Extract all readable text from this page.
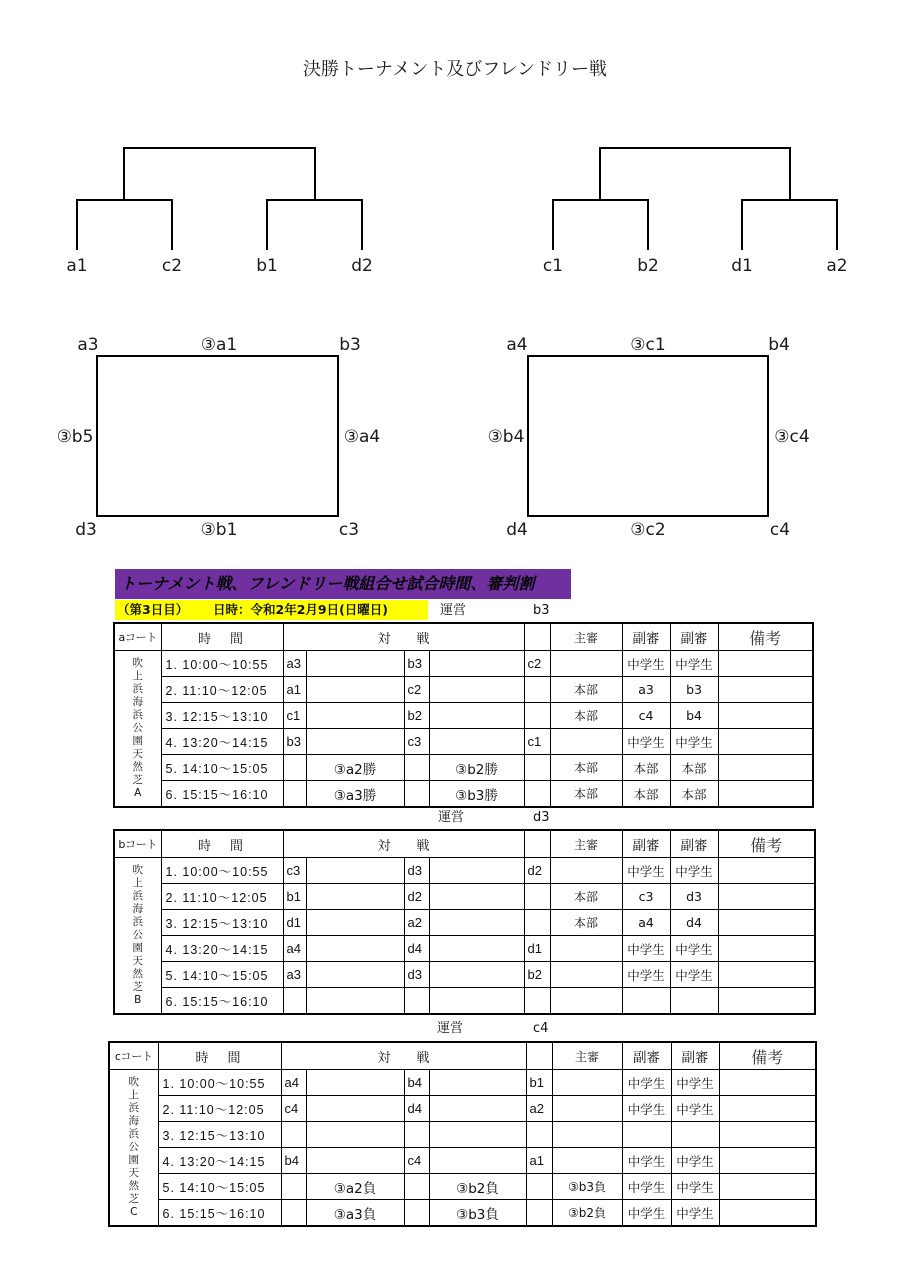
決勝トーナメント及びフレンドリー戦
a1	c2	b1	d2	c1	b2	d1	a2
a3	③a1	b3
③b5	③a4
d3	③b1	c3
a4	③c1	b4
③b4	③c4
d4	③c2	c4
トーナメント戦、フレンドリー戦組合せ試合時間、審判割
（第3日目） 日時：令和2年2月9日(日曜日)	運営	b3
aコート	時　間	対　　戦					主審	副審	副審	備考

吹上浜海浜公園天然芝A	1. 10:00〜10:55	a3		b3		c2		中学生	中学生	
	2. 11:10〜12:05	a1		c2			本部	a3	b3	
	3. 12:15〜13:10	c1		b2			本部	c4	b4	
	4. 13:20〜14:15	b3		c3		c1		中学生	中学生	
	5. 14:10〜15:05		③a2勝		③b2勝		本部	本部	本部	
	6. 15:15〜16:10		③a3勝		③b3勝		本部	本部	本部	
運営	d3
bコート	時　間	対　　戦					主審	副審	副審	備考

吹上浜海浜公園天然芝B	1. 10:00〜10:55	c3		d3		d2		中学生	中学生	
	2. 11:10〜12:05	b1		d2			本部	c3	d3	
	3. 12:15〜13:10	d1		a2			本部	a4	d4	
	4. 13:20〜14:15	a4		d4		d1		中学生	中学生	
	5. 14:10〜15:05	a3		d3		b2		中学生	中学生	
	6. 15:15〜16:10									
運営	c4
cコート	時　間	対　　戦					主審	副審	副審	備考

吹上浜海浜公園天然芝C	1. 10:00〜10:55	a4		b4		b1		中学生	中学生	
	2. 11:10〜12:05	c4		d4		a2		中学生	中学生	
	3. 12:15〜13:10									
	4. 13:20〜14:15	b4		c4		a1		中学生	中学生	
	5. 14:10〜15:05		③a2負		③b2負		③b3負	中学生	中学生	
	6. 15:15〜16:10		③a3負		③b3負		③b2負	中学生	中学生	
